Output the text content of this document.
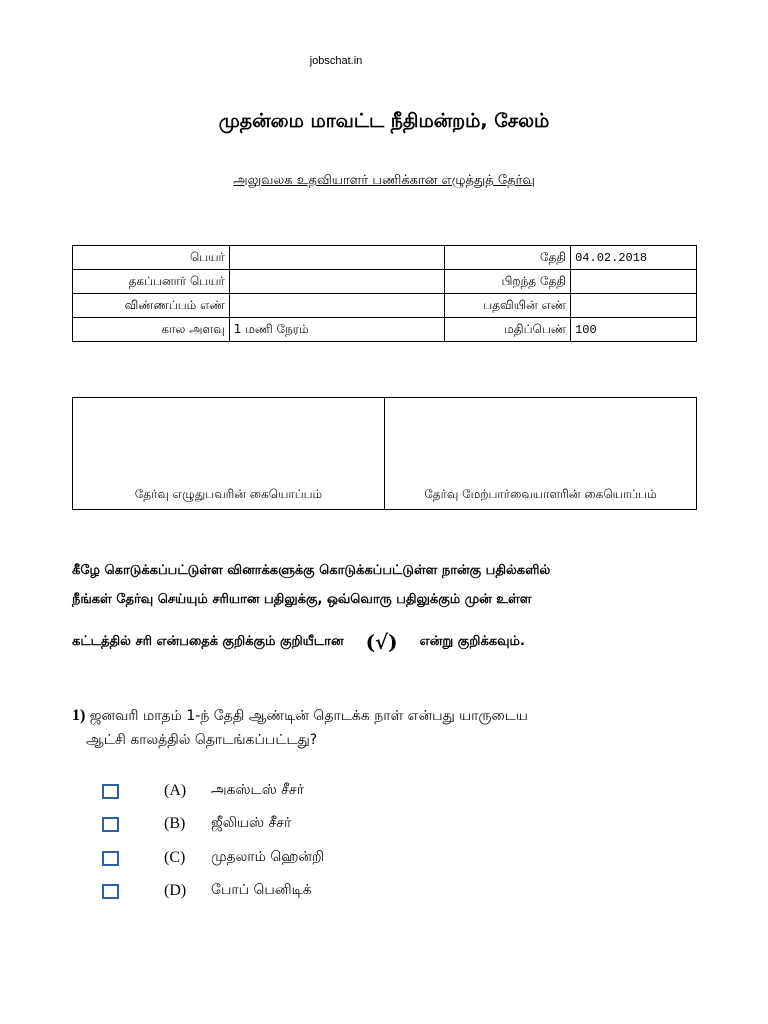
jobschat.in
முதன்மை மாவட்ட நீதிமன்றம், சேலம்
அலுவலக உதவியாளர் பணிக்கான எழுத்துத் தேர்வு
பெயர்		தேதி	04.02.2018
தகப்பனார் பெயர்		பிறந்த தேதி	
விண்ணப்பம் எண்		பதவியின் எண்	
கால அளவு	1 மணி நேரம்	மதிப்பெண்	100
தேர்வு எழுதுபவரின் கையொப்பம்	தேர்வு மேற்பார்வையாளரின் கையொப்பம்
கீழே கொடுக்கப்பட்டுள்ள வினாக்களுக்கு கொடுக்கப்பட்டுள்ள நான்கு பதில்களில்
நீங்கள் தேர்வு செய்யும் சரியான பதிலுக்கு, ஒவ்வொரு பதிலுக்கும் முன் உள்ள
கட்டத்தில் சரி என்பதைக் குறிக்கும் குறியீடான (√) என்று குறிக்கவும்.
1) ஜனவரி மாதம் 1-ந் தேதி ஆண்டின் தொடக்க நாள் என்பது யாருடைய
ஆட்சி காலத்தில் தொடங்கப்பட்டது?
(A)	அகஸ்டஸ் சீசர்
(B)	ஜீலியஸ் சீசர்
(C)	முதலாம் ஹென்றி
(D)	போப் பெனிடிக்
